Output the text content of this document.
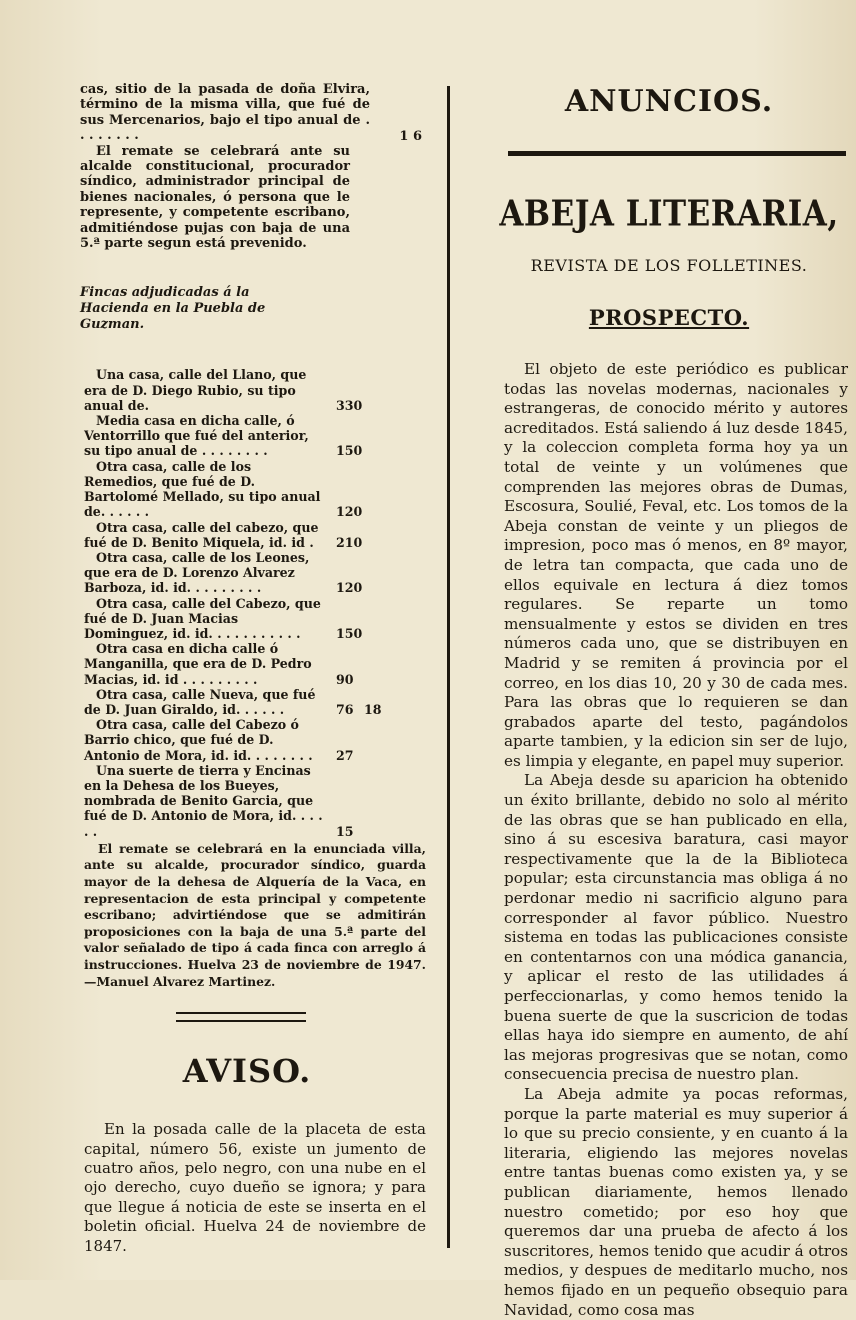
cas, sitio de la pasada de doña Elvira, término de la misma villa, que fué de sus Mercenarios, bajo el tipo anual de . . . . . . . .	1 6

El remate se celebrará ante su alcalde constitucional, procurador síndico, administrador principal de bienes nacionales, ó persona que le represente, y competente escribano, admitiéndose pujas con baja de una 5.ª parte segun está prevenido.

Fincas adjudicadas á la Hacienda en la Puebla de Guzman.

Una casa, calle del Llano, que era de D. Diego Rubio, su tipo anual de.	330

Media casa en dicha calle, ó Ventorrillo que fué del anterior, su tipo anual de . . . . . . . .	150

Otra casa, calle de los Remedios, que fué de D. Bartolomé Mellado, su tipo anual de. . . . . .	120

Otra casa, calle del cabezo, que fué de D. Benito Miquela, id. id . 210

Otra casa, calle de los Leones, que era de D. Lorenzo Alvarez Barboza, id. id. . . . . . . . .	120

Otra casa, calle del Cabezo, que fué de D. Juan Macias Dominguez, id. id. . . . . . . . . . .	150

Otra casa en dicha calle ó Manganilla, que era de D. Pedro Macias, id. id . . . . . . . . .	90

Otra casa, calle Nueva, que fué de D. Juan Giraldo, id. . . . . .	76 18

Otra casa, calle del Cabezo ó Barrio chico, que fué de D. Antonio de Mora, id. id. . . . . . . . 27

Una suerte de tierra y Encinas en la Dehesa de los Bueyes, nombrada de Benito Garcia, que fué de D. Antonio de Mora, id. . . . . .	15

El remate se celebrará en la enunciada villa, ante su alcalde, procurador síndico, guarda mayor de la dehesa de Alquería de la Vaca, en representacion de esta principal y competente escribano; advirtiéndose que se admitirán proposiciones con la baja de una 5.ª parte del valor señalado de tipo á cada finca con arreglo á instrucciones. Huelva 23 de noviembre de 1947.—Manuel Alvarez Martinez.

AVISO.

En la posada calle de la placeta de esta capital, número 56, existe un jumento de cuatro años, pelo negro, con una nube en el ojo derecho, cuyo dueño se ignora; y para que llegue á noticia de este se inserta en el boletin oficial. Huelva 24 de noviembre de 1847.

ANUNCIOS.
ABEJA LITERARIA,

REVISTA DE LOS FOLLETINES.

PROSPECTO.

El objeto de este periódico es publicar todas las novelas modernas, nacionales y estrangeras, de conocido mérito y autores acreditados. Está saliendo á luz desde 1845, y la coleccion completa forma hoy ya un total de veinte y un volúmenes que comprenden las mejores obras de Dumas, Escosura, Soulié, Feval, etc. Los tomos de la Abeja constan de veinte y un pliegos de impresion, poco mas ó menos, en 8º mayor, de letra tan compacta, que cada uno de ellos equivale en lectura á diez tomos regulares. Se reparte un tomo mensualmente y estos se dividen en tres números cada uno, que se distribuyen en Madrid y se remiten á provincia por el correo, en los dias 10, 20 y 30 de cada mes. Para las obras que lo requieren se dan grabados aparte del testo, pagándolos aparte tambien, y la edicion sin ser de lujo, es limpia y elegante, en papel muy superior.

La Abeja desde su aparicion ha obtenido un éxito brillante, debido no solo al mérito de las obras que se han publicado en ella, sino á su escesiva baratura, casi mayor respectivamente que la de la Biblioteca popular; esta circunstancia mas obliga á no perdonar medio ni sacrificio alguno para corresponder al favor público. Nuestro sistema en todas las publicaciones consiste en contentarnos con una módica ganancia, y aplicar el resto de las utilidades á perfeccionarlas, y como hemos tenido la buena suerte de que la suscricion de todas ellas haya ido siempre en aumento, de ahí las mejoras progresivas que se notan, como consecuencia precisa de nuestro plan.

La Abeja admite ya pocas reformas, porque la parte material es muy superior á lo que su precio consiente, y en cuanto á la literaria, eligiendo las mejores novelas entre tantas buenas como existen ya, y se publican diariamente, hemos llenado nuestro cometido; por eso hoy que queremos dar una prueba de afecto á los suscritores, hemos tenido que acudir á otros medios, y despues de meditarlo mucho, nos hemos fijado en un pequeño obsequio para Navidad, como cosa mas
